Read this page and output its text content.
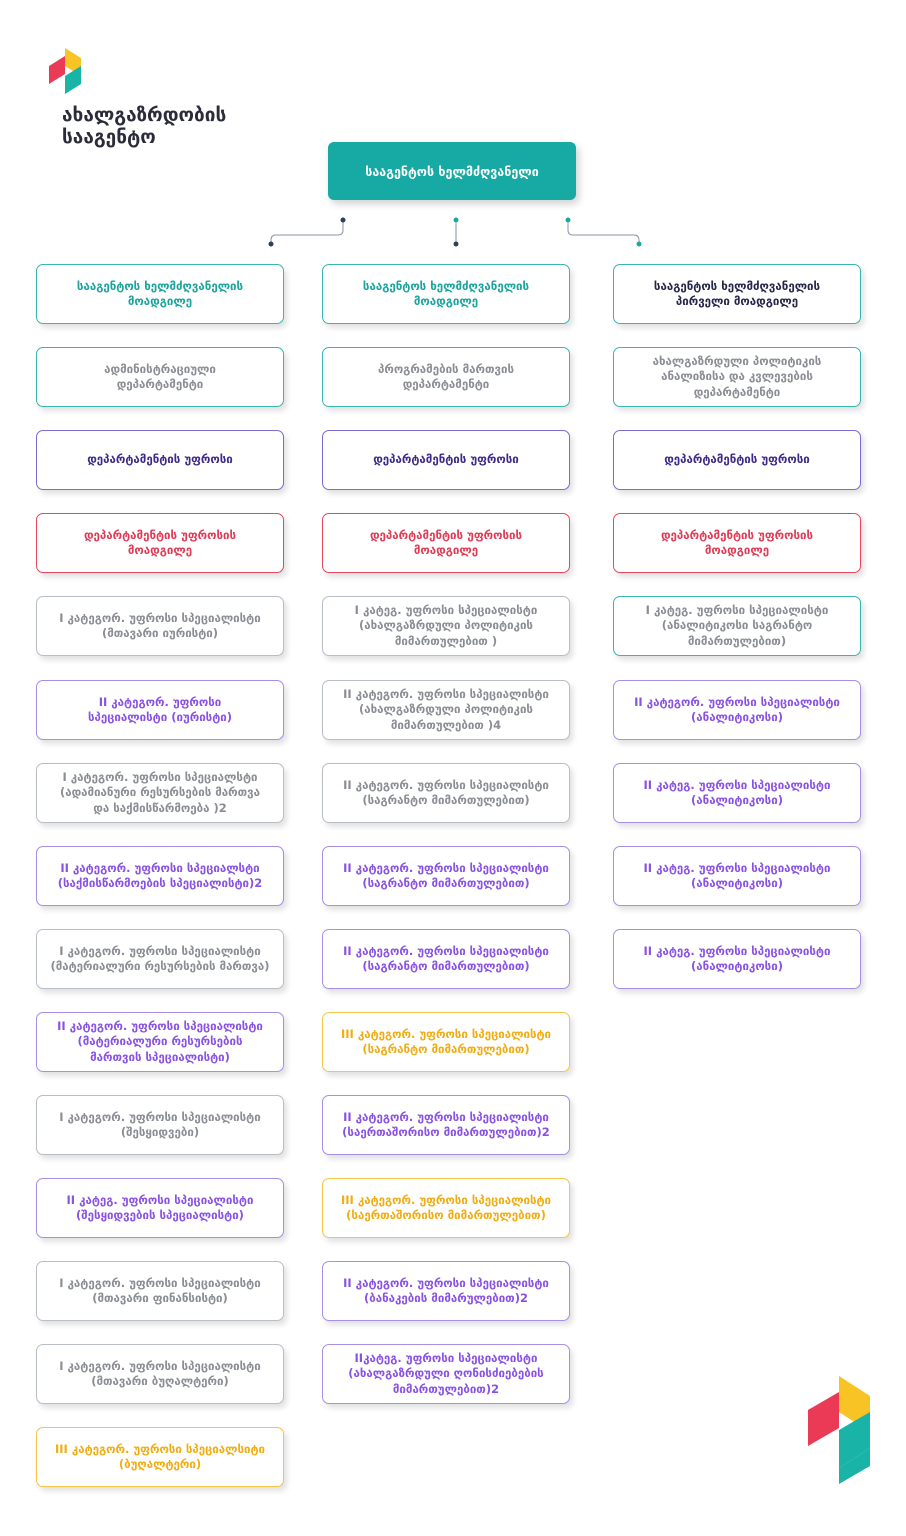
ახალგაზრდობის
სააგენტო
სააგენტოს ხელმძღვანელი
სააგენტოს ხელმძღვანელის
მოადგილე
ადმინისტრაციული
დეპარტამენტი
დეპარტამენტის უფროსი
დეპარტამენტის უფროსის
მოადგილე
I კატეგორ. უფროსი სპეციალისტი
(მთავარი იურისტი)
II კატეგორ. უფროსი
სპეციალისტი (იურისტი)
I კატეგორ. უფროსი სპეციალსტი
(ადამიანური რესურსების მართვა
და საქმისწარმოება )2
II კატეგორ. უფროსი სპეციალსტი
(საქმისწარმოების სპეციალისტი)2
I კატეგორ. უფროსი სპეციალისტი
(მატერიალური რესურსების მართვა)
II კატეგორ. უფროსი სპეციალისტი
(მატერიალური რესურსების
მართვის სპეციალისტი)
I კატეგორ. უფროსი სპეციალისტი
(შესყიდვები)
II კატეგ. უფროსი სპეციალისტი
(შესყიდვების სპეციალისტი)
I კატეგორ. უფროსი სპეციალისტი
(მთავარი ფინანსისტი)
I კატეგორ. უფროსი სპეციალისტი
(მთავარი ბუღალტერი)
III კატეგორ. უფროსი სპეციალსიტი
(ბუღალტერი)
სააგენტოს ხელმძღვანელის
მოადგილე
პროგრამების მართვის
დეპარტამენტი
დეპარტამენტის უფროსი
დეპარტამენტის უფროსის
მოადგილე
I კატეგ. უფროსი სპეციალისტი
(ახალგაზრდული პოლიტიკის
მიმართულებით )
II კატეგორ. უფროსი სპეციალისტი
(ახალგაზრდული პოლიტიკის
მიმართულებით )4
II კატეგორ. უფროსი სპეციალისტი
(საგრანტო მიმართულებით)
II კატეგორ. უფროსი სპეციალისტი
(საგრანტო მიმართულებით)
II კატეგორ. უფროსი სპეციალისტი
(საგრანტო მიმართულებით)
III კატეგორ. უფროსი სპეციალისტი
(საგრანტო მიმართულებით)
II კატეგორ. უფროსი სპეციალისტი
(საერთაშორისო მიმართულებით)2
III კატეგორ. უფროსი სპეციალისტი
(საერთაშორისო მიმართულებით)
II კატეგორ. უფროსი სპეციალისტი
(ბანაკების მიმარულებით)2
IIკატეგ. უფროსი სპეციალისტი
(ახალგაზრდული ღონისძიებების
მიმართულებით)2
სააგენტოს ხელმძღვანელის
პირველი მოადგილე
ახალგაზრდული პოლიტიკის
ანალიზისა და კვლევების
დეპარტამენტი
დეპარტამენტის უფროსი
დეპარტამენტის უფროსის
მოადგილე
I კატეგ. უფროსი სპეციალისტი
(ანალიტიკოსი საგრანტო
მიმართულებით)
II კატეგორ. უფროსი სპეციალისტი
(ანალიტიკოსი)
II კატეგ. უფროსი სპეციალისტი
(ანალიტიკოსი)
II კატეგ. უფროსი სპეციალისტი
(ანალიტიკოსი)
II კატეგ. უფროსი სპეციალისტი
(ანალიტიკოსი)
